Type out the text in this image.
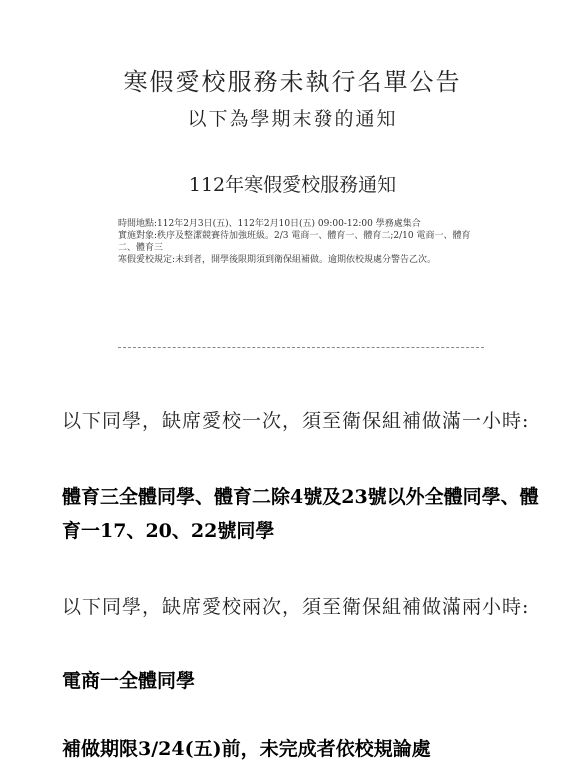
寒假愛校服務未執行名單公告
以下為學期末發的通知
112年寒假愛校服務通知
時間地點:112年2月3日(五)、112年2月10日(五) 09:00-12:00 學務處集合
實施對象:秩序及整潔競賽待加強班級。2/3 電商一、體育一、體育二;2/10 電商一、體育二、體育三
寒假愛校規定:未到者，開學後限期須到衛保組補做。逾期依校規處分警告乙次。
以下同學，缺席愛校一次，須至衛保組補做滿一小時:
體育三全體同學、體育二除4號及23號以外全體同學、體育一17、20、22號同學
以下同學，缺席愛校兩次，須至衛保組補做滿兩小時:
電商一全體同學
補做期限3/24(五)前，未完成者依校規論處
